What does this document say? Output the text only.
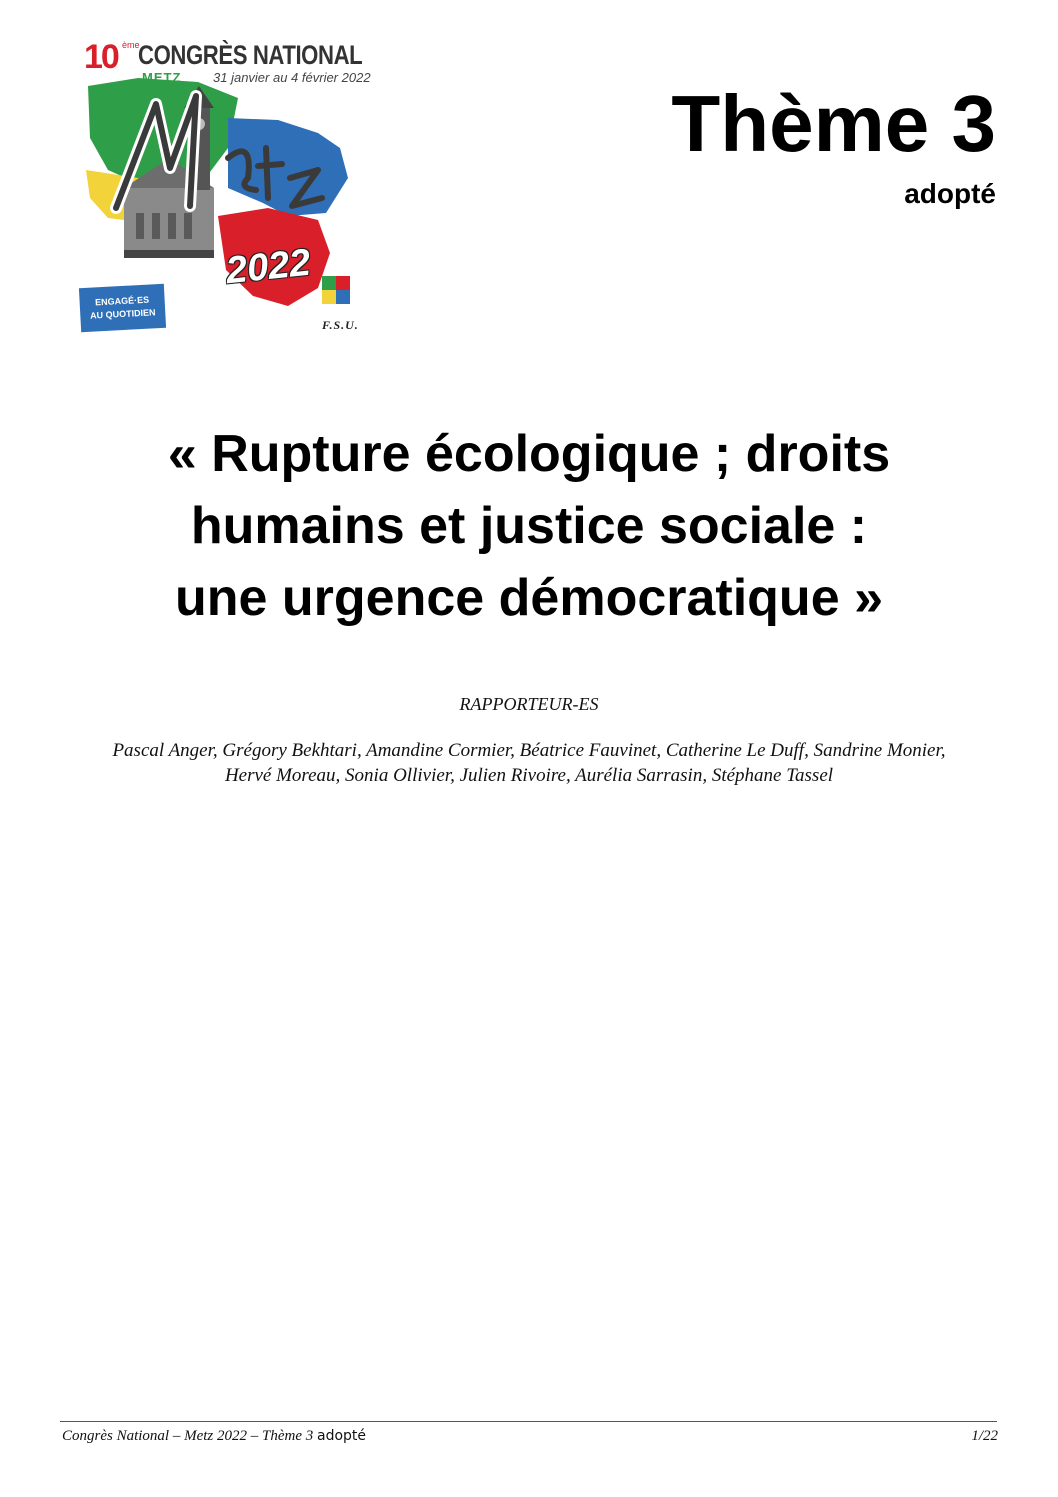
10 ème
CONGRÈS NATIONAL
METZ 31 janvier au 4 février 2022
2022
ENGAGÉ·ES
AU QUOTIDIEN
F.S.U.
Thème 3
adopté
« Rupture écologique ; droits
humains et justice sociale :
une urgence démocratique »
RAPPORTEUR-ES
Pascal Anger, Grégory Bekhtari, Amandine Cormier, Béatrice Fauvinet, Catherine Le Duff, Sandrine Monier,
Hervé Moreau, Sonia Ollivier, Julien Rivoire, Aurélia Sarrasin, Stéphane Tassel
Congrès National – Metz 2022 – Thème 3 adopté	1/22
